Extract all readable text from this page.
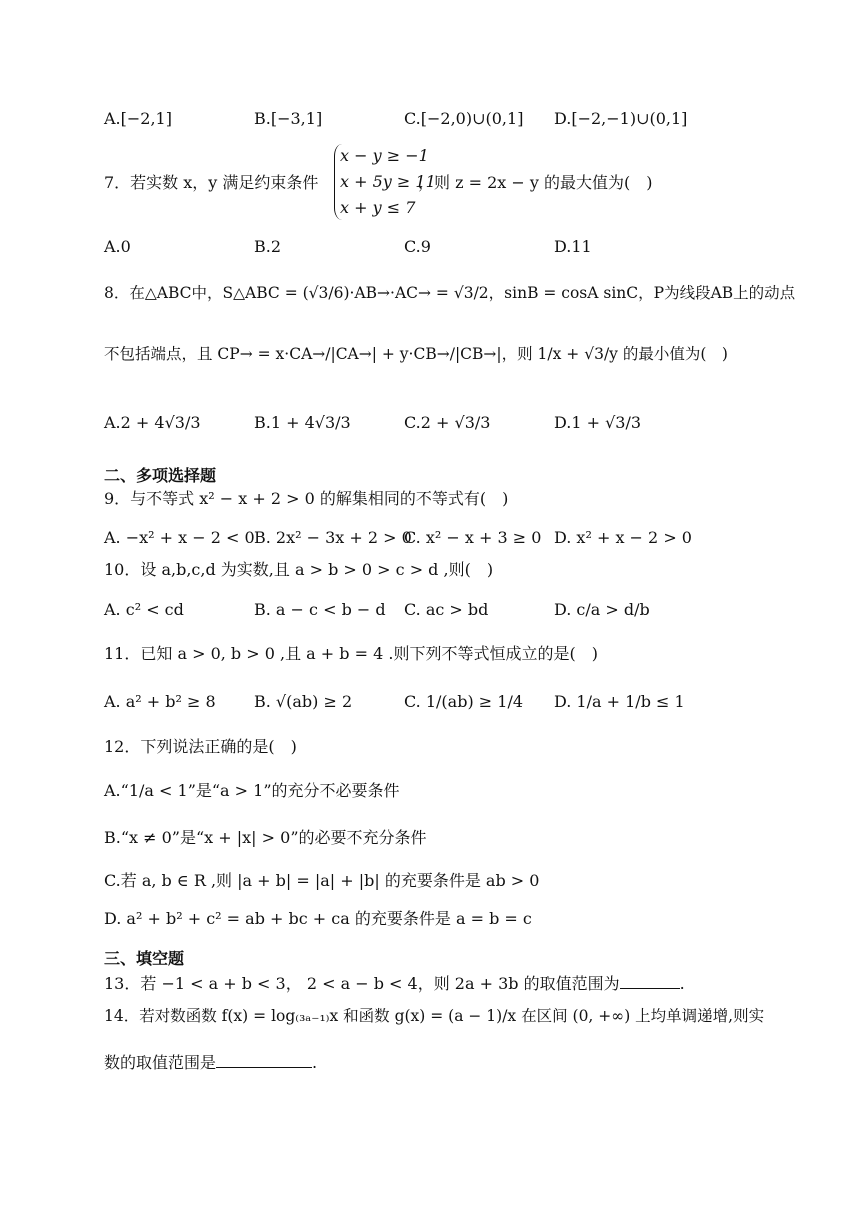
A.[−2,1]	B.[−3,1]	C.[−2,0)∪(0,1] D.[−2,−1)∪(0,1]
7．若实数 x，y 满足约束条件
x − y ≥ −1
x + 5y ≥ 11
x + y ≤ 7
，则 z = 2x − y 的最大值为(　)
A.0	B.2	C.9	D.11
8．在△ABC中，S△ABC = (√3/6)·AB→·AC→ = √3/2，sinB = cosA sinC，P为线段AB上的动点
不包括端点，且 CP→ = x·CA→/|CA→| + y·CB→/|CB→|，则 1/x + √3/y 的最小值为(　)
A.2 + 4√3/3	B.1 + 4√3/3	C.2 + √3/3	D.1 + √3/3
二、多项选择题
9．与不等式 x² − x + 2 > 0 的解集相同的不等式有(　)
A. −x² + x − 2 < 0 B. 2x² − 3x + 2 > 0
C. x² − x + 3 ≥ 0 D. x² + x − 2 > 0
10．设 a,b,c,d 为实数,且 a > b > 0 > c > d ,则(　)
A. c² < cd	B. a − c < b − d C. ac > bd	D. c/a > d/b
11．已知 a > 0, b > 0 ,且 a + b = 4 .则下列不等式恒成立的是(　)
A. a² + b² ≥ 8 B. √(ab) ≥ 2	C. 1/(ab) ≥ 1/4 D. 1/a + 1/b ≤ 1
12．下列说法正确的是(　)
A.“1/a < 1”是“a > 1”的充分不必要条件
B.“x ≠ 0”是“x + |x| > 0”的必要不充分条件
C.若 a, b ∈ R ,则 |a + b| = |a| + |b| 的充要条件是 ab > 0
D. a² + b² + c² = ab + bc + ca 的充要条件是 a = b = c
三、填空题
13．若 −1 < a + b < 3， 2 < a − b < 4，则 2a + 3b 的取值范围为	.
14．若对数函数 f(x) = log₍₃ₐ₋₁₎x 和函数 g(x) = (a − 1)/x 在区间 (0, +∞) 上均单调递增,则实
数的取值范围是	.
